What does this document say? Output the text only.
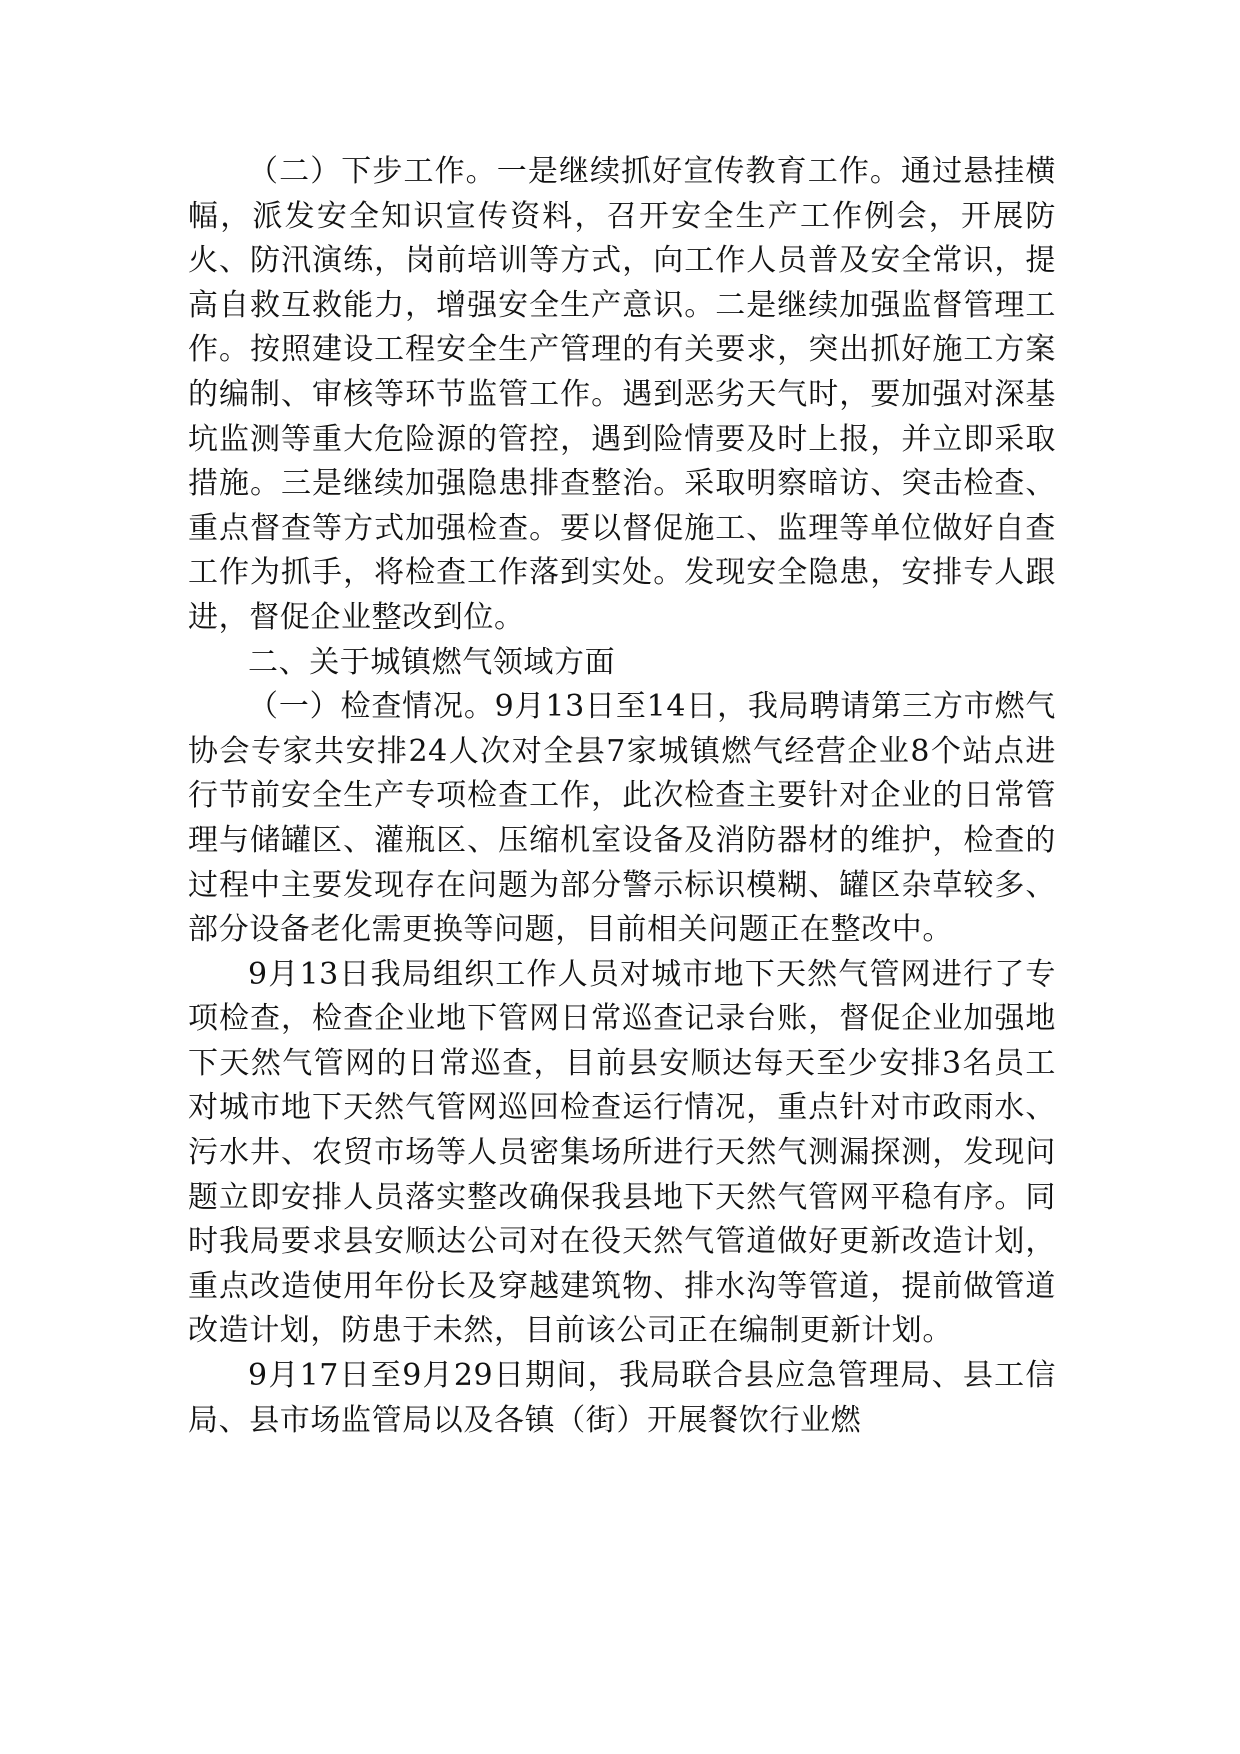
（二）下步工作。一是继续抓好宣传教育工作。通过悬挂横幅，派发安全知识宣传资料，召开安全生产工作例会，开展防火、防汛演练，岗前培训等方式，向工作人员普及安全常识，提高自救互救能力，增强安全生产意识。二是继续加强监督管理工作。按照建设工程安全生产管理的有关要求，突出抓好施工方案的编制、审核等环节监管工作。遇到恶劣天气时，要加强对深基坑监测等重大危险源的管控，遇到险情要及时上报，并立即采取措施。三是继续加强隐患排查整治。采取明察暗访、突击检查、重点督查等方式加强检查。要以督促施工、监理等单位做好自查工作为抓手，将检查工作落到实处。发现安全隐患，安排专人跟进，督促企业整改到位。

二、关于城镇燃气领域方面

（一）检查情况。9月13日至14日，我局聘请第三方市燃气协会专家共安排24人次对全县7家城镇燃气经营企业8个站点进行节前安全生产专项检查工作，此次检查主要针对企业的日常管理与储罐区、灌瓶区、压缩机室设备及消防器材的维护，检查的过程中主要发现存在问题为部分警示标识模糊、罐区杂草较多、部分设备老化需更换等问题，目前相关问题正在整改中。

9月13日我局组织工作人员对城市地下天然气管网进行了专项检查，检查企业地下管网日常巡查记录台账，督促企业加强地下天然气管网的日常巡查，目前县安顺达每天至少安排3名员工对城市地下天然气管网巡回检查运行情况，重点针对市政雨水、污水井、农贸市场等人员密集场所进行天然气测漏探测，发现问题立即安排人员落实整改确保我县地下天然气管网平稳有序。同时我局要求县安顺达公司对在役天然气管道做好更新改造计划，重点改造使用年份长及穿越建筑物、排水沟等管道，提前做管道改造计划，防患于未然，目前该公司正在编制更新计划。

9月17日至9月29日期间，我局联合县应急管理局、县工信局、县市场监管局以及各镇（街）开展餐饮行业燃
